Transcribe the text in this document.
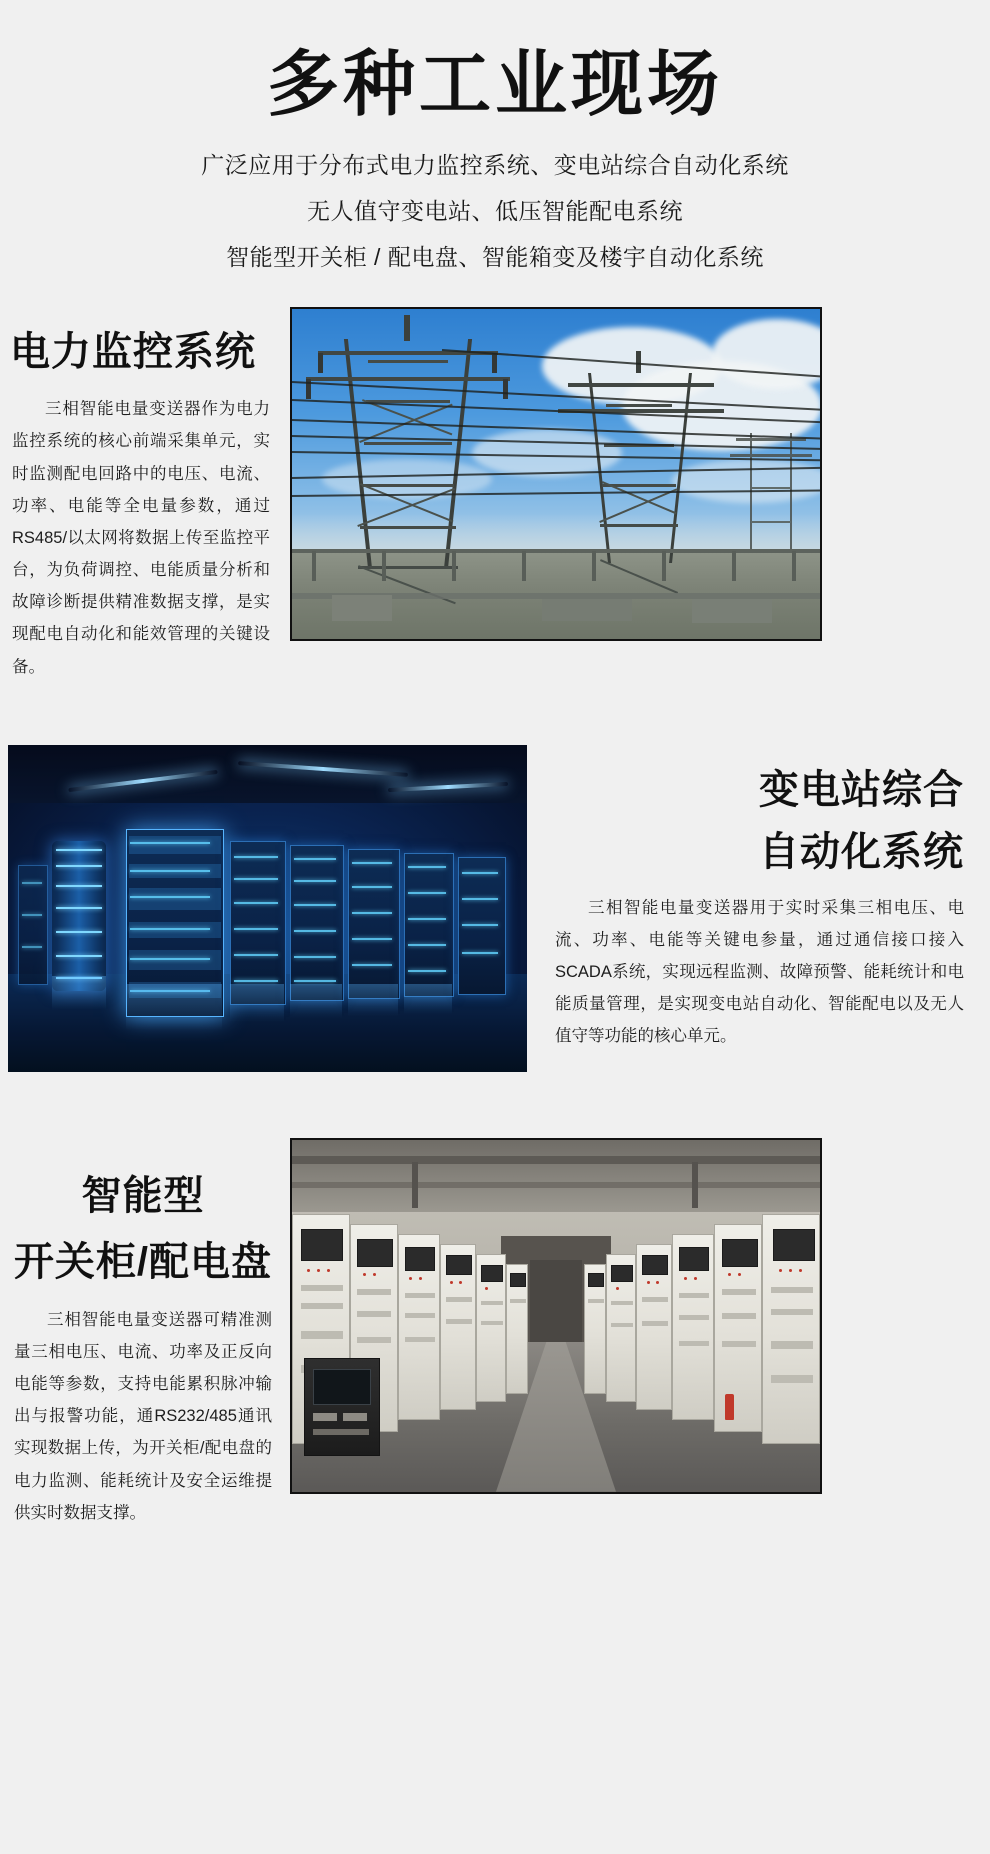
多种工业现场
广泛应用于分布式电力监控系统、变电站综合自动化系统
无人值守变电站、低压智能配电系统
智能型开关柜 / 配电盘、智能箱变及楼宇自动化系统
电力监控系统
三相智能电量变送器作为电力监控系统的核心前端采集单元，实时监测配电回路中的电压、电流、功率、电能等全电量参数，通过RS485/以太网将数据上传至监控平台，为负荷调控、电能质量分析和故障诊断提供精准数据支撑，是实现配电自动化和能效管理的关键设备。
变电站综合
自动化系统
三相智能电量变送器用于实时采集三相电压、电流、功率、电能等关键电参量，通过通信接口接入SCADA系统，实现远程监测、故障预警、能耗统计和电能质量管理，是实现变电站自动化、智能配电以及无人值守等功能的核心单元。
智能型
开关柜/配电盘
三相智能电量变送器可精准测量三相电压、电流、功率及正反向电能等参数，支持电能累积脉冲输出与报警功能，通RS232/485通讯实现数据上传，为开关柜/配电盘的电力监测、能耗统计及安全运维提供实时数据支撑。
